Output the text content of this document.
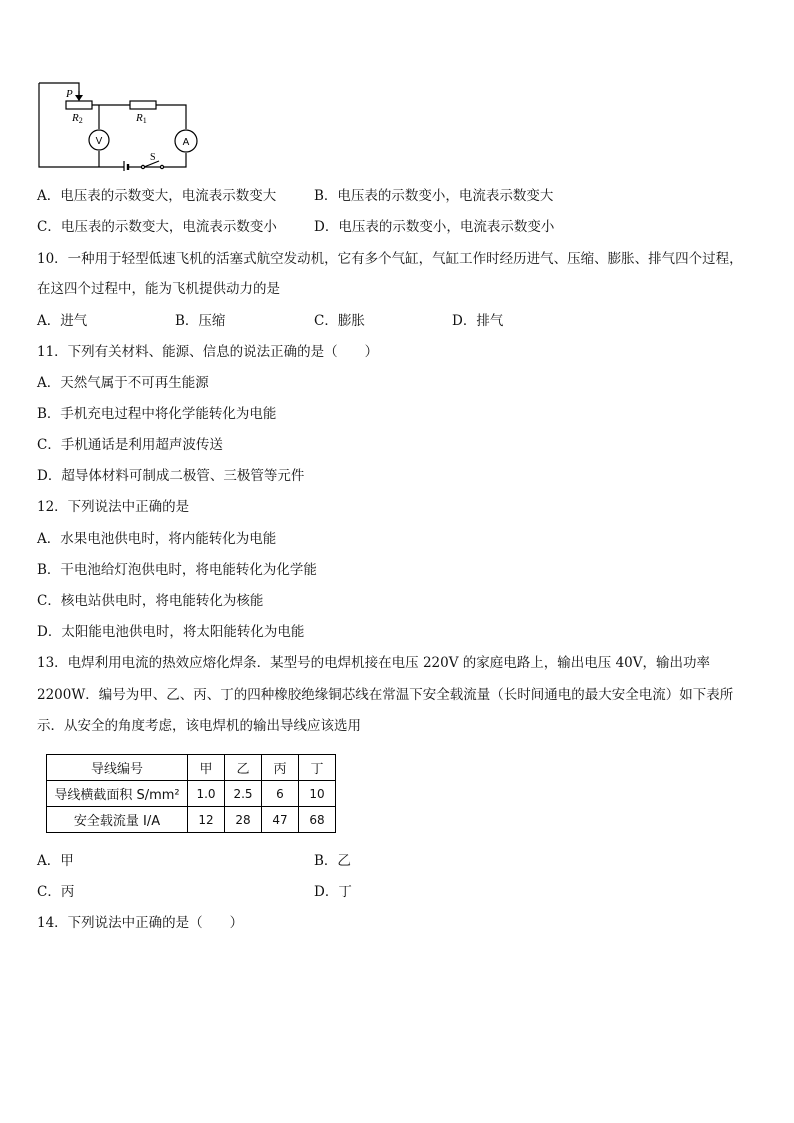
P
R2	R1
S
V	A
A．电压表的示数变大，电流表示数变大	B．电压表的示数变小，电流表示数变大
C．电压表的示数变大，电流表示数变小	D．电压表的示数变小，电流表示数变小
10．一种用于轻型低速飞机的活塞式航空发动机，它有多个气缸，气缸工作时经历进气、压缩、膨胀、排气四个过程，
在这四个过程中，能为飞机提供动力的是
A．进气	B．压缩	C．膨胀	D．排气
11．下列有关材料、能源、信息的说法正确的是（　　）
A．天然气属于不可再生能源
B．手机充电过程中将化学能转化为电能
C．手机通话是利用超声波传送
D．超导体材料可制成二极管、三极管等元件
12．下列说法中正确的是
A．水果电池供电时，将内能转化为电能
B．干电池给灯泡供电时，将电能转化为化学能
C．核电站供电时，将电能转化为核能
D．太阳能电池供电时，将太阳能转化为电能
13．电焊利用电流的热效应熔化焊条．某型号的电焊机接在电压 220V 的家庭电路上，输出电压 40V，输出功率
2200W．编号为甲、乙、丙、丁的四种橡胶绝缘铜芯线在常温下安全载流量（长时间通电的最大安全电流）如下表所
示．从安全的角度考虑，该电焊机的输出导线应该选用
导线编号	甲	乙	丙	丁
导线横截面积 S/mm²	1.0	2.5	6	10
安全载流量 I/A	12	28	47	68
A．甲	B．乙
C．丙	D．丁
14．下列说法中正确的是（　　）
